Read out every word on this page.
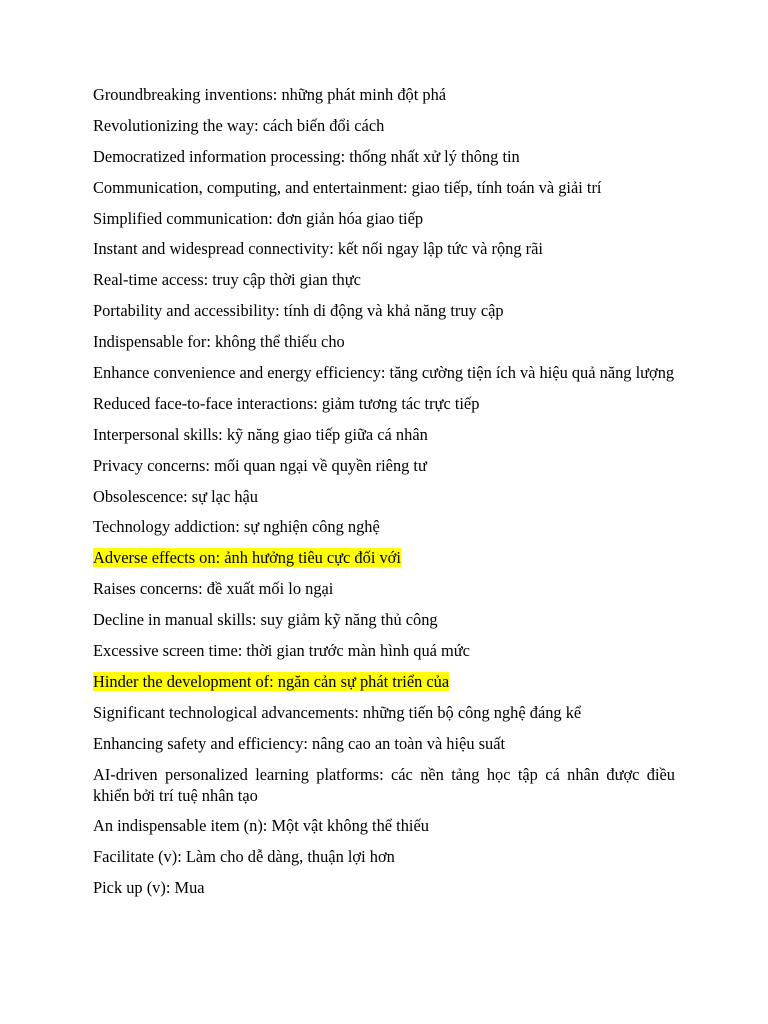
Groundbreaking inventions: những phát minh đột phá
Revolutionizing the way: cách biến đổi cách
Democratized information processing: thống nhất xử lý thông tin
Communication, computing, and entertainment: giao tiếp, tính toán và giải trí
Simplified communication: đơn giản hóa giao tiếp
Instant and widespread connectivity: kết nối ngay lập tức và rộng rãi
Real-time access: truy cập thời gian thực
Portability and accessibility: tính di động và khả năng truy cập
Indispensable for: không thể thiếu cho
Enhance convenience and energy efficiency: tăng cường tiện ích và hiệu quả năng lượng
Reduced face-to-face interactions: giảm tương tác trực tiếp
Interpersonal skills: kỹ năng giao tiếp giữa cá nhân
Privacy concerns: mối quan ngại về quyền riêng tư
Obsolescence: sự lạc hậu
Technology addiction: sự nghiện công nghệ
Adverse effects on: ảnh hưởng tiêu cực đối với
Raises concerns: đề xuất mối lo ngại
Decline in manual skills: suy giảm kỹ năng thủ công
Excessive screen time: thời gian trước màn hình quá mức
Hinder the development of: ngăn cản sự phát triển của
Significant technological advancements: những tiến bộ công nghệ đáng kể
Enhancing safety and efficiency: nâng cao an toàn và hiệu suất
AI-driven personalized learning platforms: các nền tảng học tập cá nhân được điều khiển bởi trí tuệ nhân tạo
An indispensable item (n): Một vật không thể thiếu
Facilitate (v): Làm cho dễ dàng, thuận lợi hơn
Pick up (v): Mua
